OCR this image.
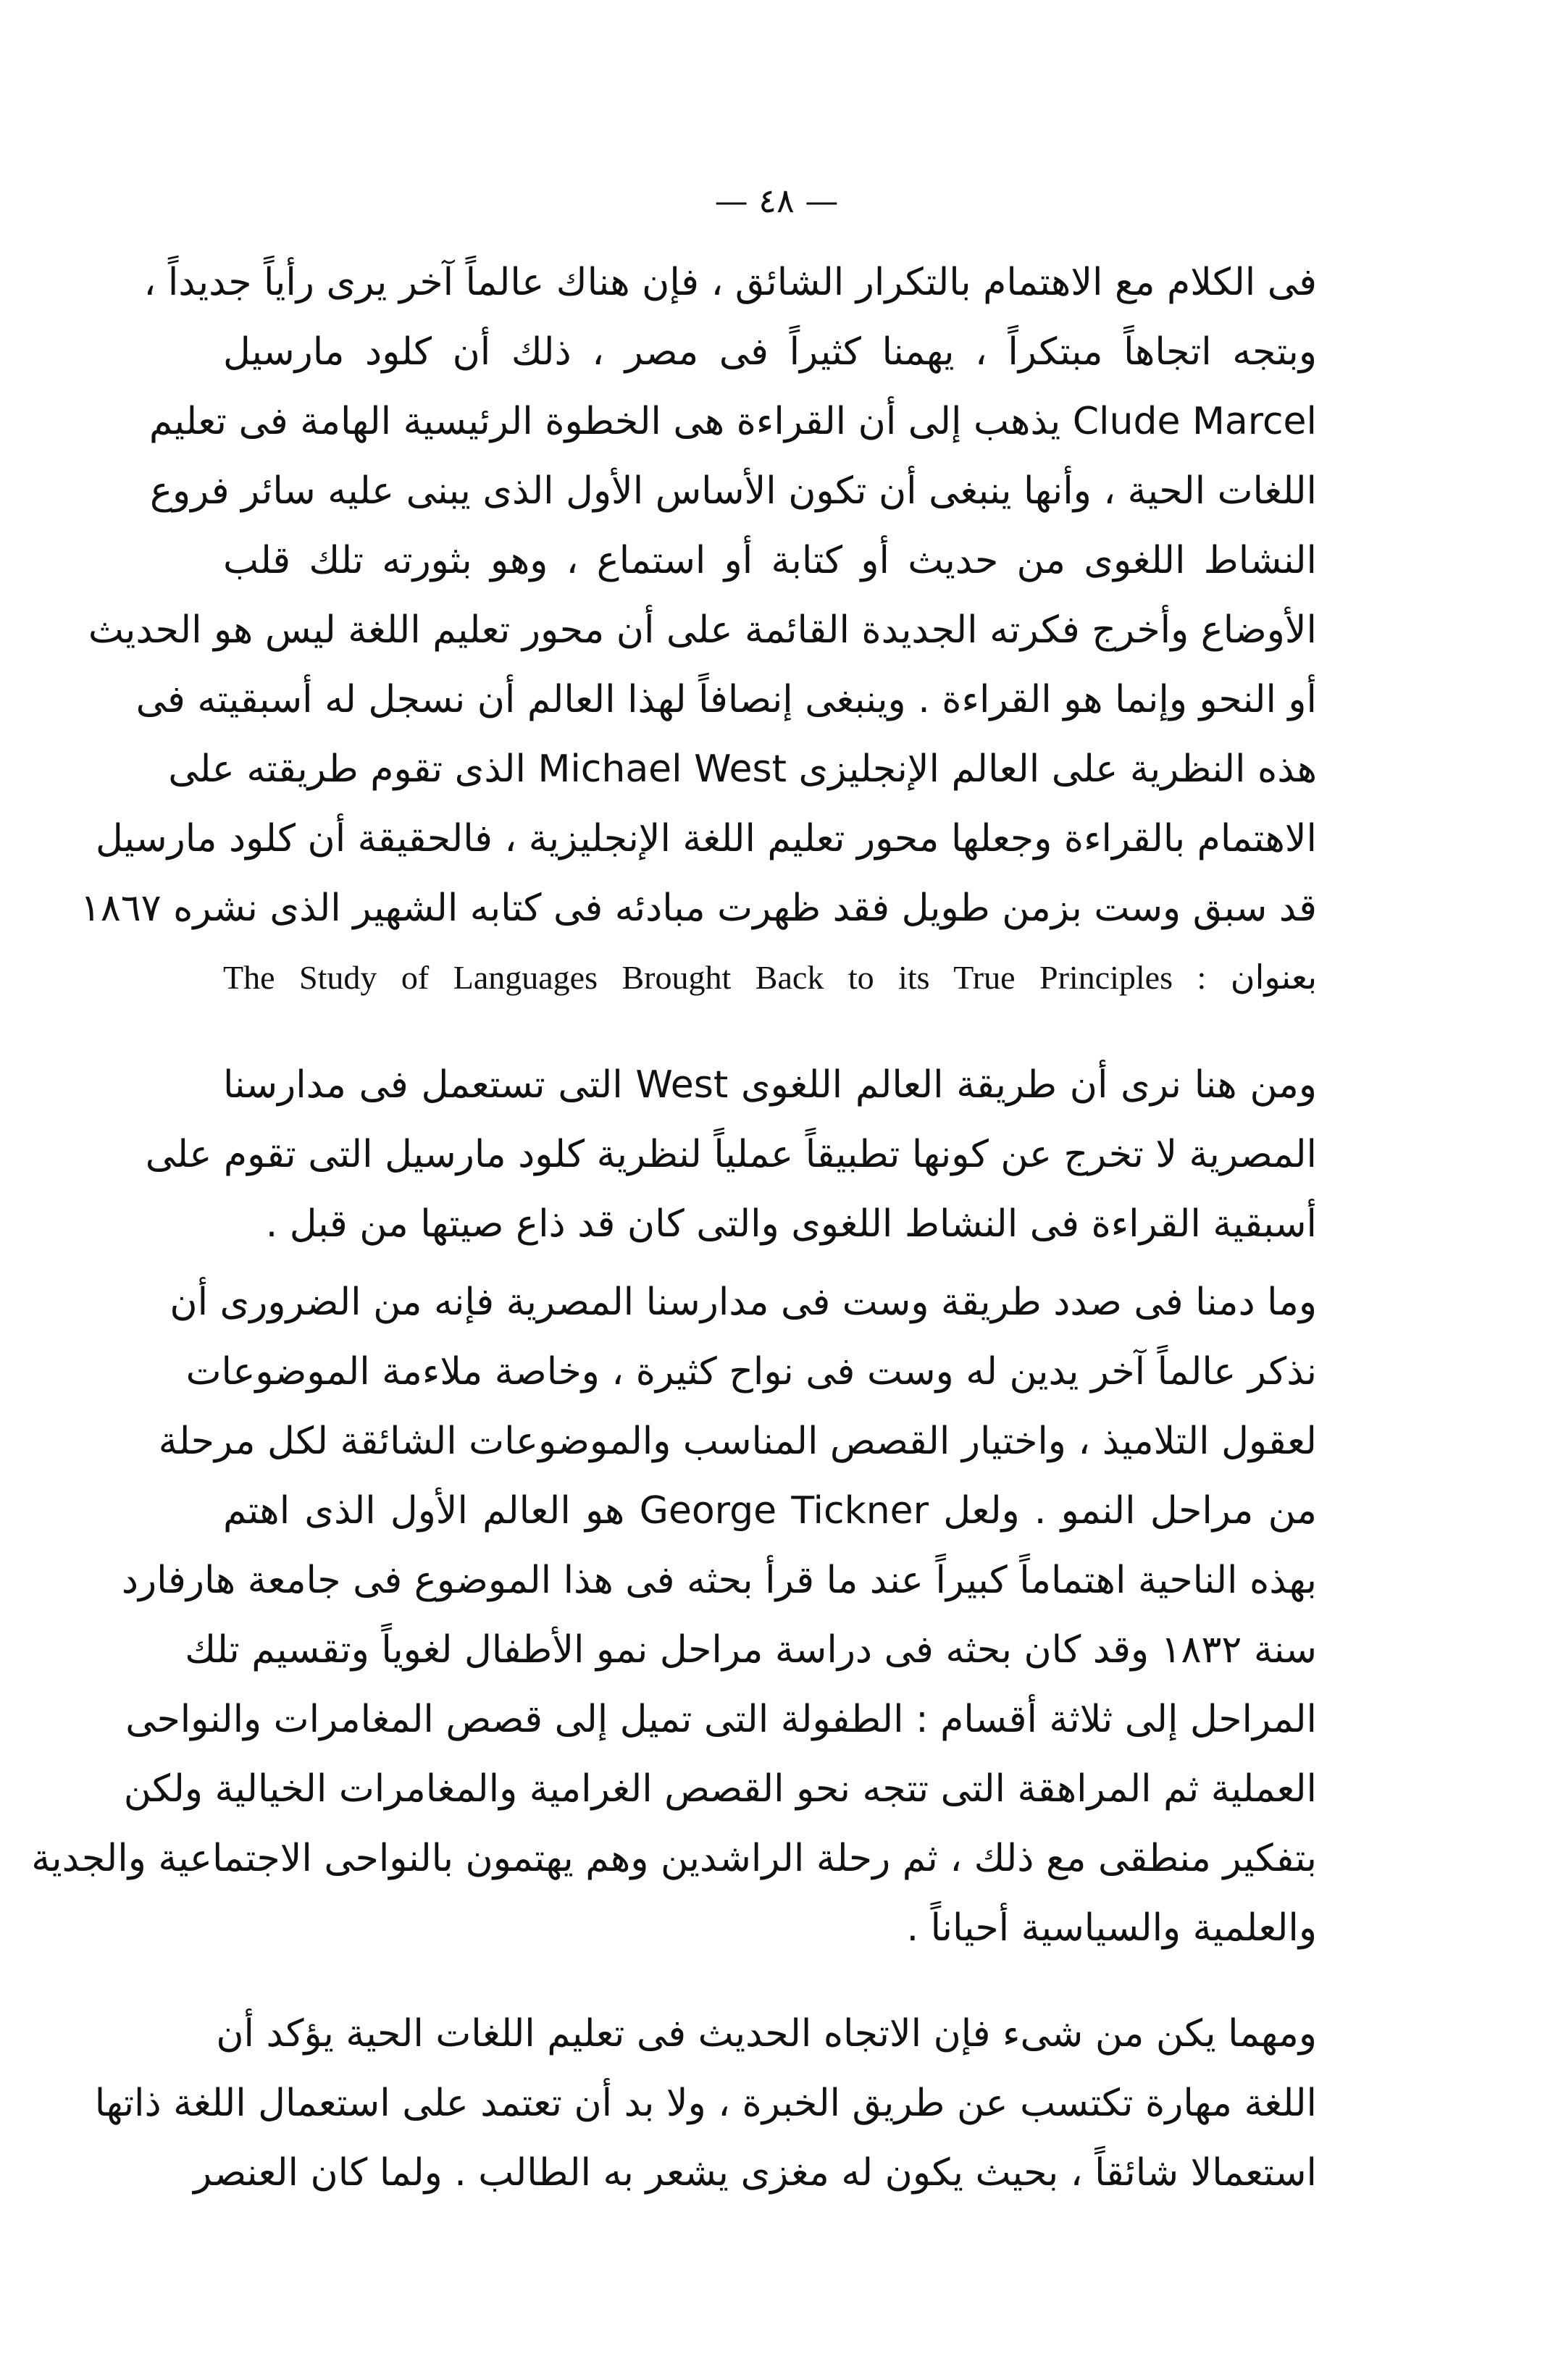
— ٤٨ —
فى الكلام مع الاهتمام بالتكرار الشائق ، فإن هناك عالماً آخر يرى رأياً جديداً ،
وبتجه اتجاهاً مبتكراً ، يهمنا كثيراً فى مصر ، ذلك أن كلود مارسيل
Clude Marcel يذهب إلى أن القراءة هى الخطوة الرئيسية الهامة فى تعليم
اللغات الحية ، وأنها ينبغى أن تكون الأساس الأول الذى يبنى عليه سائر فروع
النشاط اللغوى من حديث أو كتابة أو استماع ، وهو بثورته تلك قلب
الأوضاع وأخرج فكرته الجديدة القائمة على أن محور تعليم اللغة ليس هو الحديث
أو النحو وإنما هو القراءة . وينبغى إنصافاً لهذا العالم أن نسجل له أسبقيته فى
هذه النظرية على العالم الإنجليزى Michael West الذى تقوم طريقته على
الاهتمام بالقراءة وجعلها محور تعليم اللغة الإنجليزية ، فالحقيقة أن كلود مارسيل
قد سبق وست بزمن طويل فقد ظهرت مبادئه فى كتابه الشهير الذى نشره ١٨٦٧
بعنوان : The Study of Languages Brought Back to its True Principles
ومن هنا نرى أن طريقة العالم اللغوى West التى تستعمل فى مدارسنا
المصرية لا تخرج عن كونها تطبيقاً عملياً لنظرية كلود مارسيل التى تقوم على
أسبقية القراءة فى النشاط اللغوى والتى كان قد ذاع صيتها من قبل .
وما دمنا فى صدد طريقة وست فى مدارسنا المصرية فإنه من الضرورى أن
نذكر عالماً آخر يدين له وست فى نواح كثيرة ، وخاصة ملاءمة الموضوعات
لعقول التلاميذ ، واختيار القصص المناسب والموضوعات الشائقة لكل مرحلة
من مراحل النمو . ولعل George Tickner هو العالم الأول الذى اهتم
بهذه الناحية اهتماماً كبيراً عند ما قرأ بحثه فى هذا الموضوع فى جامعة هارفارد
سنة ١٨٣٢ وقد كان بحثه فى دراسة مراحل نمو الأطفال لغوياً وتقسيم تلك
المراحل إلى ثلاثة أقسام : الطفولة التى تميل إلى قصص المغامرات والنواحى
العملية ثم المراهقة التى تتجه نحو القصص الغرامية والمغامرات الخيالية ولكن
بتفكير منطقى مع ذلك ، ثم رحلة الراشدين وهم يهتمون بالنواحى الاجتماعية والجدية
والعلمية والسياسية أحياناً .
ومهما يكن من شىء فإن الاتجاه الحديث فى تعليم اللغات الحية يؤكد أن
اللغة مهارة تكتسب عن طريق الخبرة ، ولا بد أن تعتمد على استعمال اللغة ذاتها
استعمالا شائقاً ، بحيث يكون له مغزى يشعر به الطالب . ولما كان العنصر
